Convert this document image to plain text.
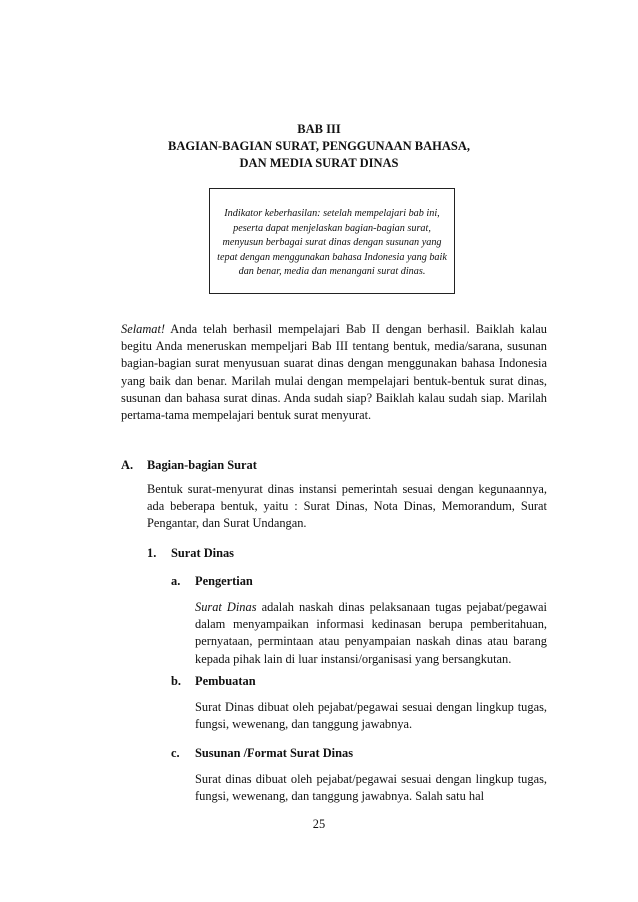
BAB III
BAGIAN-BAGIAN SURAT, PENGGUNAAN BAHASA,
DAN MEDIA SURAT DINAS
Indikator keberhasilan: setelah mempelajari bab ini, peserta dapat menjelaskan bagian-bagian surat, menyusun berbagai surat dinas dengan susunan yang tepat dengan menggunakan bahasa Indonesia yang baik dan benar, media dan menangani surat dinas.

Selamat! Anda telah berhasil mempelajari Bab II dengan berhasil. Baiklah kalau begitu Anda meneruskan mempeljari Bab III tentang bentuk, media/sarana, susunan bagian-bagian surat menyusuan suarat dinas dengan menggunakan bahasa Indonesia yang baik dan benar. Marilah mulai dengan mempelajari bentuk-bentuk surat dinas, susunan dan bahasa surat dinas. Anda sudah siap? Baiklah kalau sudah siap. Marilah pertama-tama mempelajari bentuk surat menyurat.

A. Bagian-bagian Surat

Bentuk surat-menyurat dinas instansi pemerintah sesuai dengan kegunaannya, ada beberapa bentuk, yaitu : Surat Dinas, Nota Dinas, Memorandum, Surat Pengantar, dan Surat Undangan.

1. Surat Dinas
a. Pengertian

Surat Dinas adalah naskah dinas pelaksanaan tugas pejabat/pegawai dalam menyampaikan informasi kedinasan berupa pemberitahuan, pernyataan, permintaan atau penyampaian naskah dinas atau barang kepada pihak lain di luar instansi/organisasi yang bersangkutan.

b. Pembuatan

Surat Dinas dibuat oleh pejabat/pegawai sesuai dengan lingkup tugas, fungsi, wewenang, dan tanggung jawabnya.

c. Susunan /Format Surat Dinas

Surat dinas dibuat oleh pejabat/pegawai sesuai dengan lingkup tugas, fungsi, wewenang, dan tanggung jawabnya. Salah satu hal

25
